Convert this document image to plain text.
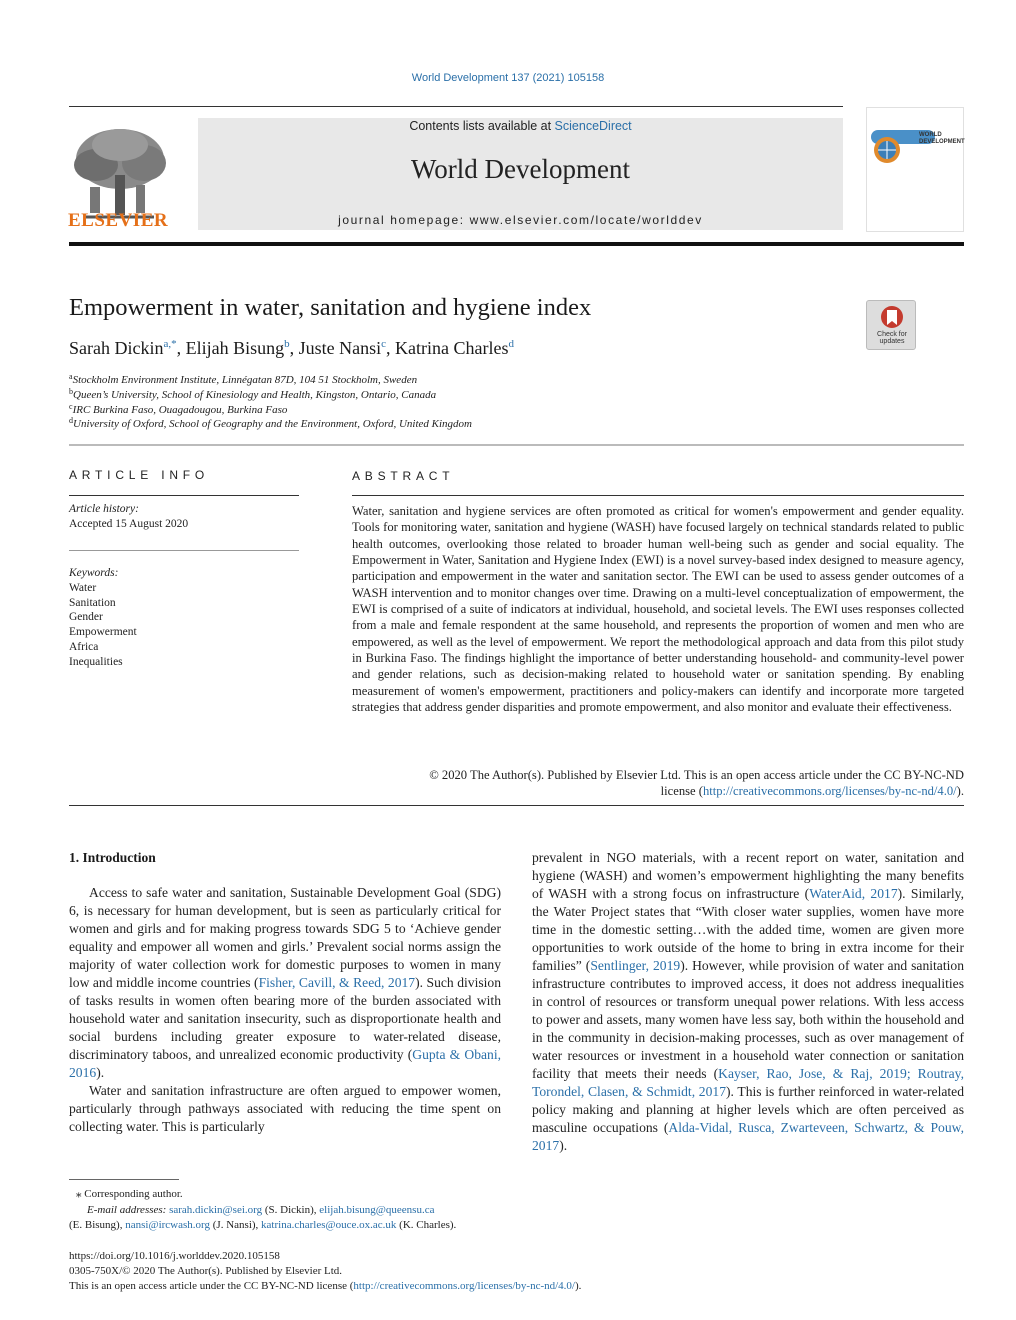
World Development 137 (2021) 105158
ELSEVIER
Contents lists available at ScienceDirect
World Development
journal homepage: www.elsevier.com/locate/worlddev
WORLD DEVELOPMENT
Empowerment in water, sanitation and hygiene index
Check for updates
Sarah Dickin$^{a,*}$, Elijah Bisung$^b$, Juste Nansi$^c$, Katrina Charles$^d$
$^a$Stockholm Environment Institute, Linnégatan 87D, 104 51 Stockholm, Sweden
$^b$Queen’s University, School of Kinesiology and Health, Kingston, Ontario, Canada
$^c$IRC Burkina Faso, Ouagadougou, Burkina Faso
$^d$University of Oxford, School of Geography and the Environment, Oxford, United Kingdom
ARTICLE INFO
Article history:
Accepted 15 August 2020
Keywords:
Water
Sanitation
Gender
Empowerment
Africa
Inequalities
ABSTRACT
Water, sanitation and hygiene services are often promoted as critical for women's empowerment and gender equality. Tools for monitoring water, sanitation and hygiene (WASH) have focused largely on technical standards related to public health outcomes, overlooking those related to broader human well-being such as gender and social equality. The Empowerment in Water, Sanitation and Hygiene Index (EWI) is a novel survey-based index designed to measure agency, participation and empowerment in the water and sanitation sector. The EWI can be used to assess gender outcomes of a WASH intervention and to monitor changes over time. Drawing on a multi-level conceptualization of empowerment, the EWI is comprised of a suite of indicators at individual, household, and societal levels. The EWI uses responses collected from a male and female respondent at the same household, and represents the proportion of women and men who are empowered, as well as the level of empowerment. We report the methodological approach and data from this pilot study in Burkina Faso. The findings highlight the importance of better understanding household- and community-level power and gender relations, such as decision-making related to household water or sanitation spending. By enabling measurement of women's empowerment, practitioners and policy-makers can identify and incorporate more targeted strategies that address gender disparities and promote empowerment, and also monitor and evaluate their effectiveness.
© 2020 The Author(s). Published by Elsevier Ltd. This is an open access article under the CC BY-NC-ND
license (http://creativecommons.org/licenses/by-nc-nd/4.0/).
1. Introduction

Access to safe water and sanitation, Sustainable Development Goal (SDG) 6, is necessary for human development, but is seen as particularly critical for women and girls and for making progress towards SDG 5 to ‘Achieve gender equality and empower all women and girls.’ Prevalent social norms assign the majority of water collection work for domestic purposes to women in many low and middle income countries (Fisher, Cavill, & Reed, 2017). Such division of tasks results in women often bearing more of the burden associated with household water and sanitation insecurity, such as disproportionate health and social burdens including greater exposure to water-related disease, discriminatory taboos, and unrealized economic productivity (Gupta & Obani, 2016).

Water and sanitation infrastructure are often argued to empower women, particularly through pathways associated with reducing the time spent on collecting water. This is particularly

prevalent in NGO materials, with a recent report on water, sanitation and hygiene (WASH) and women’s empowerment highlighting the many benefits of WASH with a strong focus on infrastructure (WaterAid, 2017). Similarly, the Water Project states that “With closer water supplies, women have more time in the domestic setting…with the added time, women are given more opportunities to work outside of the home to bring in extra income for their families” (Sentlinger, 2019). However, while provision of water and sanitation infrastructure contributes to improved access, it does not address inequalities in control of resources or transform unequal power relations. With less access to power and assets, many women have less say, both within the household and in the community in decision-making processes, such as over management of water resources or investment in a household water connection or sanitation facility that meets their needs (Kayser, Rao, Jose, & Raj, 2019; Routray, Torondel, Clasen, & Schmidt, 2017). This is further reinforced in water-related policy making and planning at higher levels which are often perceived as masculine occupations (Alda-Vidal, Rusca, Zwarteveen, Schwartz, & Pouw, 2017).

⁎ Corresponding author.
E-mail addresses: sarah.dickin@sei.org (S. Dickin), elijah.bisung@queensu.ca
(E. Bisung), nansi@ircwash.org (J. Nansi), katrina.charles@ouce.ox.ac.uk (K. Charles).
https://doi.org/10.1016/j.worlddev.2020.105158
0305-750X/© 2020 The Author(s). Published by Elsevier Ltd.
This is an open access article under the CC BY-NC-ND license (http://creativecommons.org/licenses/by-nc-nd/4.0/).
